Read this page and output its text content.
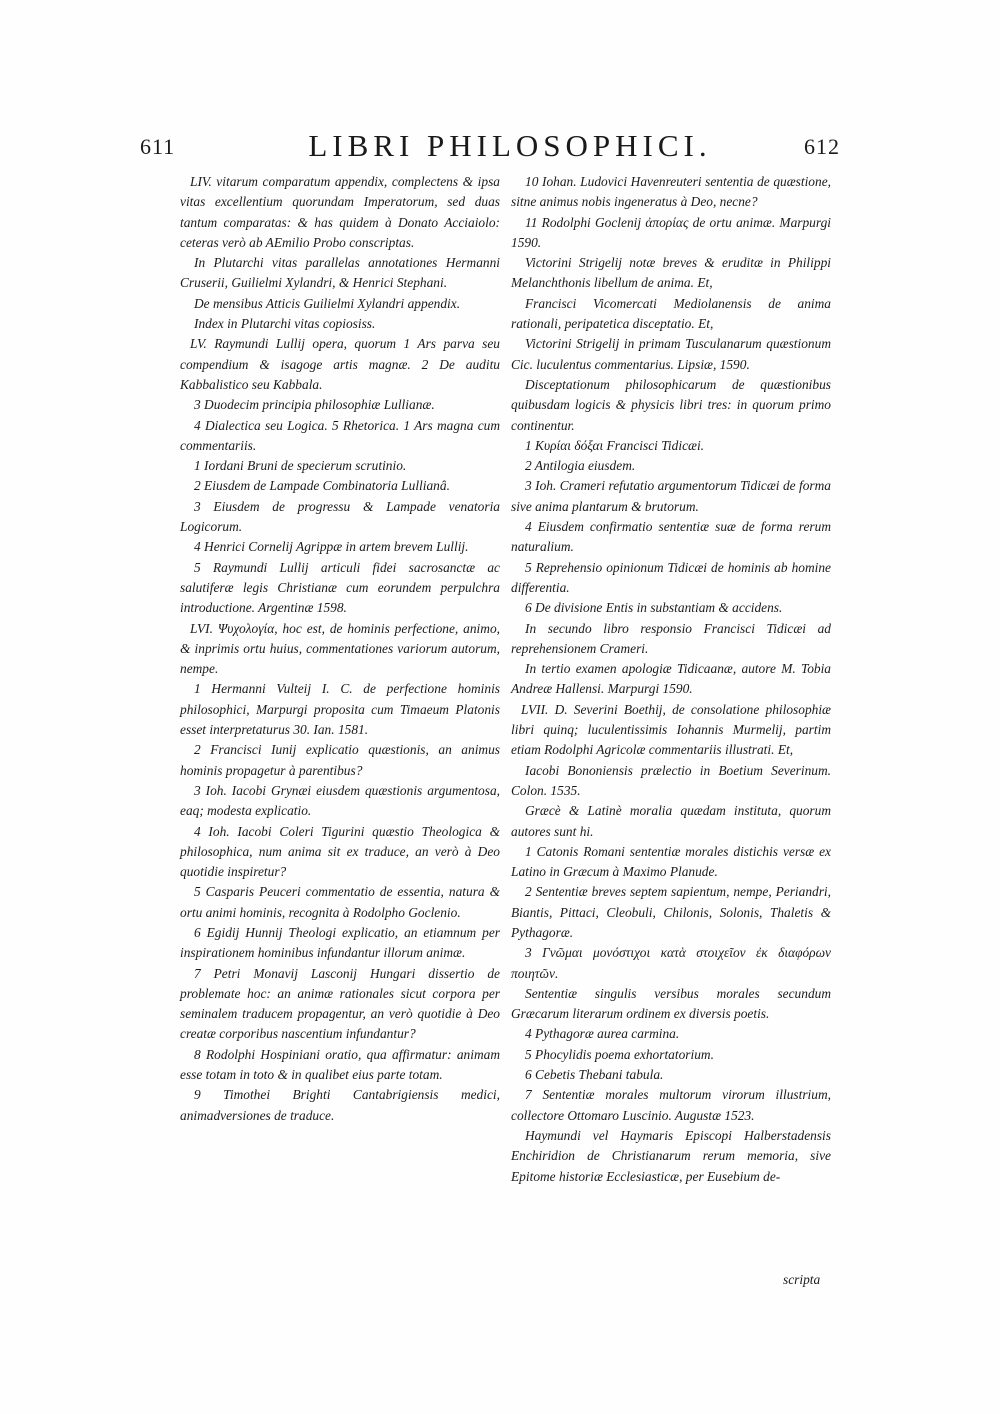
611	LIBRI PHILOSOPHICI.	612

LIV. vitarum comparatum appendix, complectens & ipsa vitas excellentium quorundam Imperatorum, sed duas tantum comparatas: & has quidem à Donato Acciaiolo: ceteras verò ab AEmilio Probo conscriptas.

In Plutarchi vitas parallelas annotationes Hermanni Cruserii, Guilielmi Xylandri, & Henrici Stephani.

De mensibus Atticis Guilielmi Xylandri appendix.

Index in Plutarchi vitas copiosiss.

LV. Raymundi Lullij opera, quorum 1 Ars parva seu compendium & isagoge artis magnæ. 2 De auditu Kabbalistico seu Kabbala.

3 Duodecim principia philosophiæ Lullianæ.

4 Dialectica seu Logica. 5 Rhetorica. 1 Ars magna cum commentariis.

1 Iordani Bruni de specierum scrutinio.

2 Eiusdem de Lampade Combinatoria Lullianâ.

3 Eiusdem de progressu & Lampade venatoria Logicorum.

4 Henrici Cornelij Agrippæ in artem brevem Lullij.

5 Raymundi Lullij articuli fidei sacrosanctæ ac salutiferæ legis Christianæ cum eorundem perpulchra introductione. Argentinæ 1598.

LVI. Ψυχολογία, hoc est, de hominis perfectione, animo, & inprimis ortu huius, commentationes variorum autorum, nempe.

1 Hermanni Vulteij I. C. de perfectione hominis philosophici, Marpurgi proposita cum Timaeum Platonis esset interpretaturus 30. Ian. 1581.

2 Francisci Iunij explicatio quæstionis, an animus hominis propagetur à parentibus?

3 Ioh. Iacobi Grynæi eiusdem quæstionis argumentosa, eaq; modesta explicatio.

4 Ioh. Iacobi Coleri Tigurini quæstio Theologica & philosophica, num anima sit ex traduce, an verò à Deo quotidie inspiretur?

5 Casparis Peuceri commentatio de essentia, natura & ortu animi hominis, recognita à Rodolpho Goclenio.

6 Egidij Hunnij Theologi explicatio, an etiamnum per inspirationem hominibus infundantur illorum animæ.

7 Petri Monavij Lasconij Hungari dissertio de problemate hoc: an animæ rationales sicut corpora per seminalem traducem propagentur, an verò quotidie à Deo creatæ corporibus nascentium infundantur?

8 Rodolphi Hospiniani oratio, qua affirmatur: animam esse totam in toto & in qualibet eius parte totam.

9 Timothei Brighti Cantabrigiensis medici, animadversiones de traduce.

10 Iohan. Ludovici Havenreuteri sententia de quæstione, sitne animus nobis ingeneratus à Deo, necne?

11 Rodolphi Goclenij ἀπορίας de ortu animæ. Marpurgi 1590.

Victorini Strigelij notæ breves & eruditæ in Philippi Melanchthonis libellum de anima. Et,

Francisci Vicomercati Mediolanensis de anima rationali, peripatetica disceptatio. Et,

Victorini Strigelij in primam Tusculanarum quæstionum Cic. luculentus commentarius. Lipsiæ, 1590.

Disceptationum philosophicarum de quæstionibus quibusdam logicis & physicis libri tres: in quorum primo continentur.

1 Κυρίαι δόξαι Francisci Tidicæi.

2 Antilogia eiusdem.

3 Ioh. Crameri refutatio argumentorum Tidicæi de forma sive anima plantarum & brutorum.

4 Eiusdem confirmatio sententiæ suæ de forma rerum naturalium.

5 Reprehensio opinionum Tidicæi de hominis ab homine differentia.

6 De divisione Entis in substantiam & accidens.

In secundo libro responsio Francisci Tidicæi ad reprehensionem Crameri.

In tertio examen apologiæ Tidicaanæ, autore M. Tobia Andreæ Hallensi. Marpurgi 1590.

LVII. D. Severini Boethij, de consolatione philosophiæ libri quinq; luculentissimis Iohannis Murmelij, partim etiam Rodolphi Agricolæ commentariis illustrati. Et,

Iacobi Bononiensis prælectio in Boetium Severinum. Colon. 1535.

Græcè & Latinè moralia quædam instituta, quorum autores sunt hi.

1 Catonis Romani sententiæ morales distichis versæ ex Latino in Græcum à Maximo Planude.

2 Sententiæ breves septem sapientum, nempe, Periandri, Biantis, Pittaci, Cleobuli, Chilonis, Solonis, Thaletis & Pythagoræ.

3 Γνῶμαι μονόστιχοι κατὰ στοιχεῖον ἐκ διαφόρων ποιητῶν.

Sententiæ singulis versibus morales secundum Græcarum literarum ordinem ex diversis poetis.

4 Pythagoræ aurea carmina.

5 Phocylidis poema exhortatorium.

6 Cebetis Thebani tabula.

7 Sententiæ morales multorum virorum illustrium, collectore Ottomaro Luscinio. Augustæ 1523.

Haymundi vel Haymaris Episcopi Halberstadensis Enchiridion de Christianarum rerum memoria, sive Epitome historiæ Ecclesiasticæ, per Eusebium de-

scripta
